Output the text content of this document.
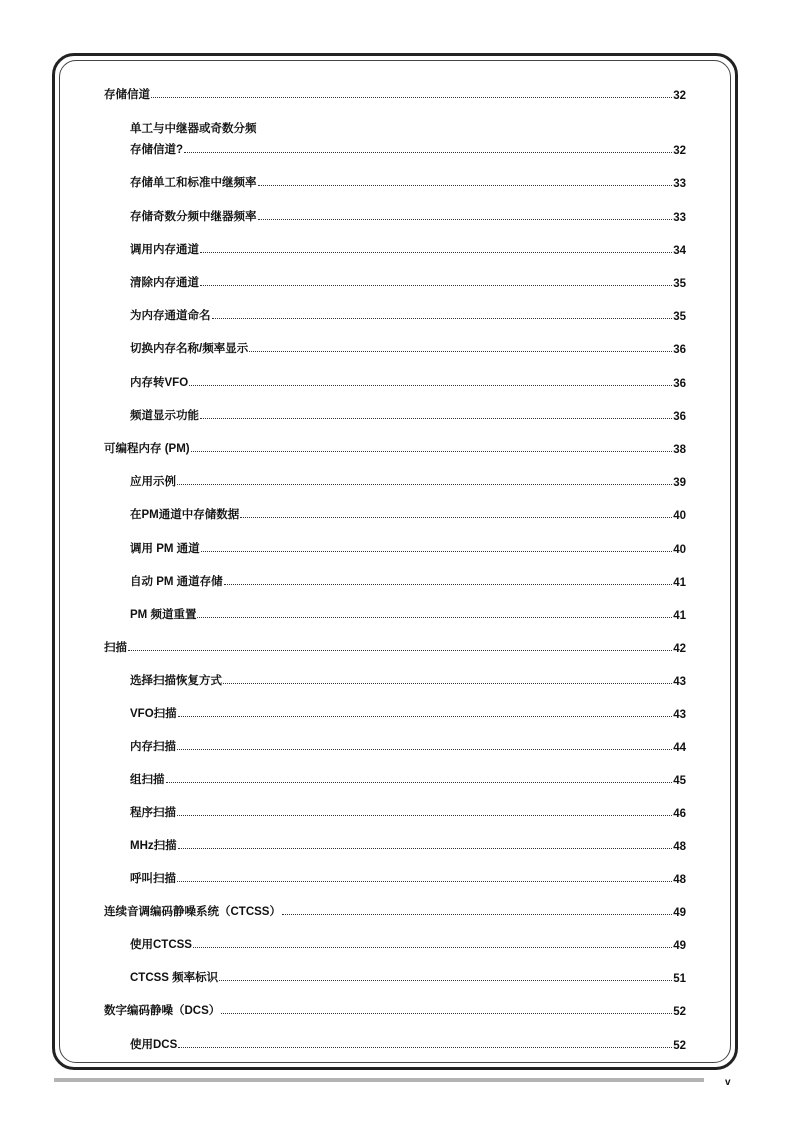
存储信道	32
单工与中继器或奇数分频
存储信道?	32
存储单工和标准中继频率	33
存储奇数分频中继器频率	33
调用内存通道	34
清除内存通道	35
为内存通道命名	35
切换内存名称/频率显示	36
内存转VFO	36
频道显示功能	36
可编程内存 (PM)	38
应用示例	39
在PM通道中存储数据	40
调用 PM 通道	40
自动 PM 通道存储	41
PM 频道重置	41
扫描	42
选择扫描恢复方式	43
VFO扫描	43
内存扫描	44
组扫描	45
程序扫描	46
MHz扫描	48
呼叫扫描	48
连续音调编码静噪系统（CTCSS）	49
使用CTCSS	49
CTCSS 频率标识	51
数字编码静噪（DCS）	52
使用DCS	52
v
